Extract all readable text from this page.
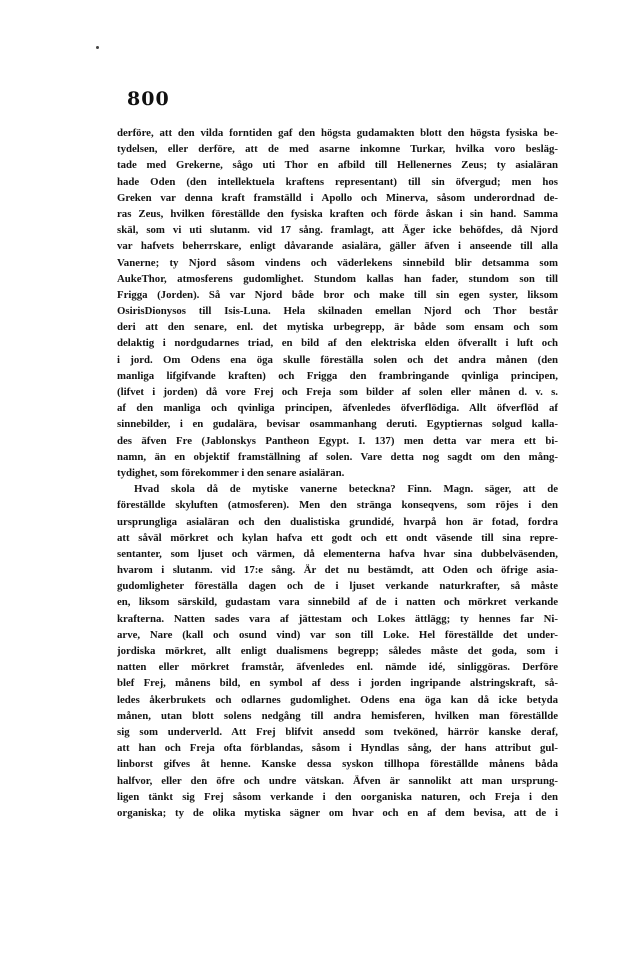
800
derföre, att den vilda forntiden gaf den högsta gudamakten blott den högsta fysiska be-
tydelsen, eller derföre, att de med asarne inkomne Turkar, hvilka voro besläg-
tade med Grekerne, sågo uti Thor en afbild till Hellenernes Zeus; ty asialäran
hade Oden (den intellektuela kraftens representant) till sin öfvergud; men hos
Greken var denna kraft framställd i Apollo och Minerva, såsom underordnad de-
ras Zeus, hvilken föreställde den fysiska kraften och förde åskan i sin hand. Samma
skäl, som vi uti slutanm. vid 17 sång. framlagt, att Äger icke behöfdes, då Njord
var hafvets beherrskare, enligt dåvarande asialära, gäller äfven i anseende till alla
Vanerne; ty Njord såsom vindens och väderlekens sinnebild blir detsamma som
AukeThor, atmosferens gudomlighet. Stundom kallas han fader, stundom son till
Frigga (Jorden). Så var Njord både bror och make till sin egen syster, liksom
OsirisDionysos till Isis-Luna. Hela skilnaden emellan Njord och Thor består
deri att den senare, enl. det mytiska urbegrepp, är både som ensam och som
delaktig i nordgudarnes triad, en bild af den elektriska elden öfverallt i luft och
i jord. Om Odens ena öga skulle föreställa solen och det andra månen (den
manliga lifgifvande kraften) och Frigga den frambringande qvinliga principen,
(lifvet i jorden) då vore Frej och Freja som bilder af solen eller månen d. v. s.
af den manliga och qvinliga principen, äfvenledes öfverflödiga. Allt öfverflöd af
sinnebilder, i en gudalära, bevisar osammanhang deruti. Egyptiernas solgud kalla-
des äfven Fre (Jablonskys Pantheon Egypt. I. 137) men detta var mera ett bi-
namn, än en objektif framställning af solen. Vare detta nog sagdt om den mång-
tydighet, som förekommer i den senare asialäran.
Hvad skola då de mytiske vanerne beteckna? Finn. Magn. säger, att de
föreställde skyluften (atmosferen). Men den stränga konseqvens, som röjes i den
ursprungliga asialäran och den dualistiska grundidé, hvarpå hon är fotad, fordra
att såväl mörkret och kylan hafva ett godt och ett ondt väsende till sina repre-
sentanter, som ljuset och värmen, då elementerna hafva hvar sina dubbelväsenden,
hvarom i slutanm. vid 17:e sång. Är det nu bestämdt, att Oden och öfrige asia-
gudomligheter föreställa dagen och de i ljuset verkande naturkrafter, så måste
en, liksom särskild, gudastam vara sinnebild af de i natten och mörkret verkande
krafterna. Natten sades vara af jättestam och Lokes ättlägg; ty hennes far Ni-
arve, Nare (kall och osund vind) var son till Loke. Hel föreställde det under-
jordiska mörkret, allt enligt dualismens begrepp; således måste det goda, som i
natten eller mörkret framstår, äfvenledes enl. nämde idé, sinliggöras. Derföre
blef Frej, månens bild, en symbol af dess i jorden ingripande alstringskraft, så-
ledes åkerbrukets och odlarnes gudomlighet. Odens ena öga kan då icke betyda
månen, utan blott solens nedgång till andra hemisferen, hvilken man föreställde
sig som underverld. Att Frej blifvit ansedd som tveköned, härrör kanske deraf,
att han och Freja ofta förblandas, såsom i Hyndlas sång, der hans attribut gul-
linborst gifves åt henne. Kanske dessa syskon tillhopa föreställde månens båda
halfvor, eller den öfre och undre vätskan. Äfven är sannolikt att man ursprung-
ligen tänkt sig Frej såsom verkande i den oorganiska naturen, och Freja i den
organiska; ty de olika mytiska sägner om hvar och en af dem bevisa, att de i
